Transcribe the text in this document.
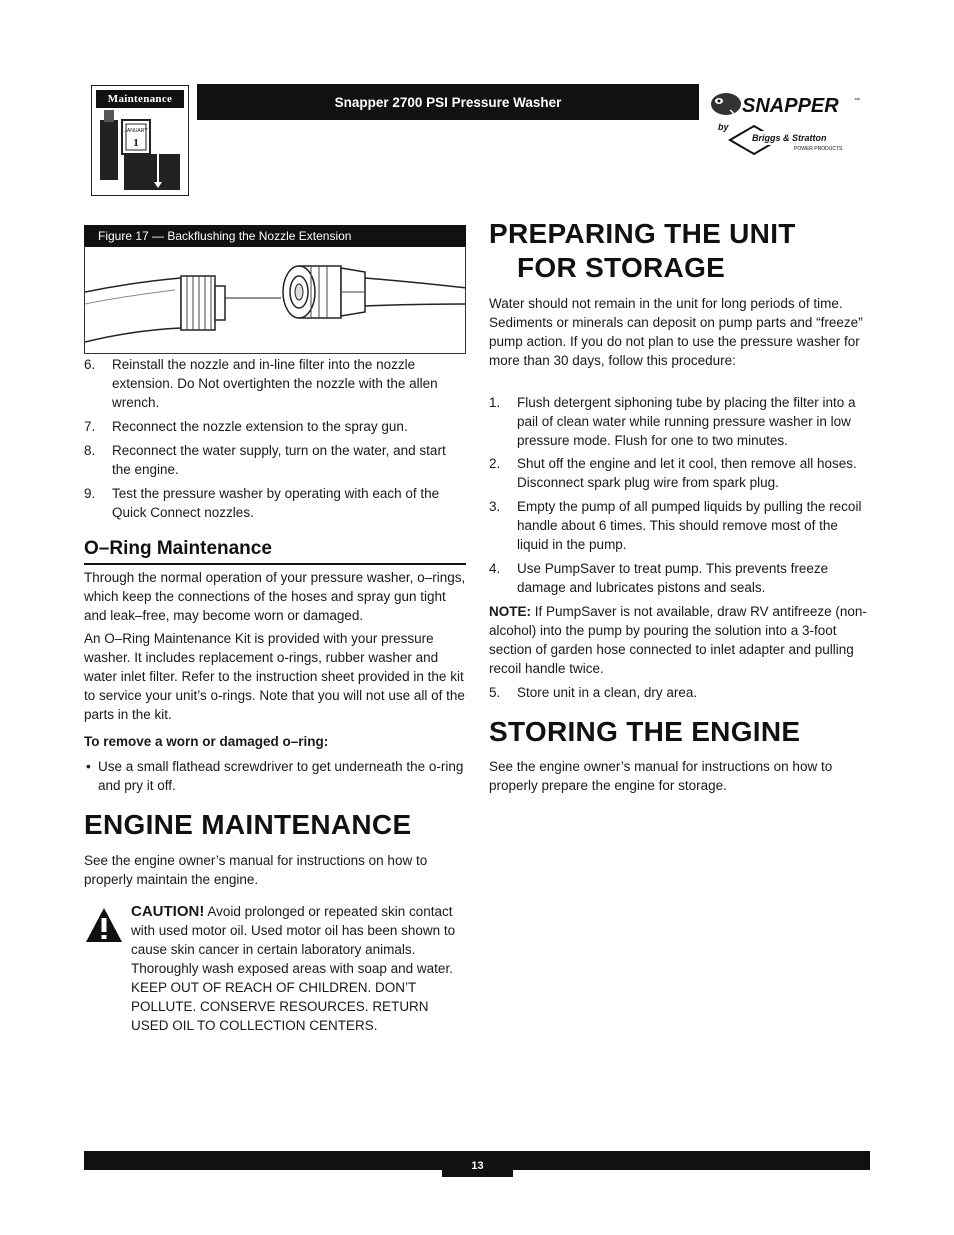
Maintenance
JANUARY
1
Snapper 2700 PSI Pressure Washer	SNAPPER	™
by
Briggs & Stratton
POWER PRODUCTS
Figure 17 — Backflushing the Nozzle Extension
6. Reinstall the nozzle and in-line filter into the nozzle extension. Do Not overtighten the nozzle with the allen wrench.
7. Reconnect the nozzle extension to the spray gun.
8. Reconnect the water supply, turn on the water, and start the engine.
9. Test the pressure washer by operating with each of the Quick Connect nozzles.
O–Ring Maintenance
Through the normal operation of your pressure washer, o–rings, which keep the connections of the hoses and spray gun tight and leak–free, may become worn or damaged.
An O–Ring Maintenance Kit is provided with your pressure washer. It includes replacement o-rings, rubber washer and water inlet filter. Refer to the instruction sheet provided in the kit to service your unit’s o-rings. Note that you will not use all of the parts in the kit.
To remove a worn or damaged o–ring:
• Use a small flathead screwdriver to get underneath the o-ring and pry it off.
ENGINE MAINTENANCE
See the engine owner’s manual for instructions on how to properly maintain the engine.
CAUTION! Avoid prolonged or repeated skin contact with used motor oil. Used motor oil has been shown to cause skin cancer in certain laboratory animals. Thoroughly wash exposed areas with soap and water. KEEP OUT OF REACH OF CHILDREN. DON’T POLLUTE. CONSERVE RESOURCES. RETURN USED OIL TO COLLECTION CENTERS.
PREPARING THE UNIT
FOR STORAGE
Water should not remain in the unit for long periods of time. Sediments or minerals can deposit on pump parts and “freeze” pump action. If you do not plan to use the pressure washer for more than 30 days, follow this procedure:
1. Flush detergent siphoning tube by placing the filter into a pail of clean water while running pressure washer in low pressure mode. Flush for one to two minutes.
2. Shut off the engine and let it cool, then remove all hoses. Disconnect spark plug wire from spark plug.
3. Empty the pump of all pumped liquids by pulling the recoil handle about 6 times. This should remove most of the liquid in the pump.
4. Use PumpSaver to treat pump. This prevents freeze damage and lubricates pistons and seals.
NOTE: If PumpSaver is not available, draw RV antifreeze (non-alcohol) into the pump by pouring the solution into a 3-foot section of garden hose connected to inlet adapter and pulling recoil handle twice.
5. Store unit in a clean, dry area.
STORING THE ENGINE
See the engine owner’s manual for instructions on how to properly prepare the engine for storage.
13
